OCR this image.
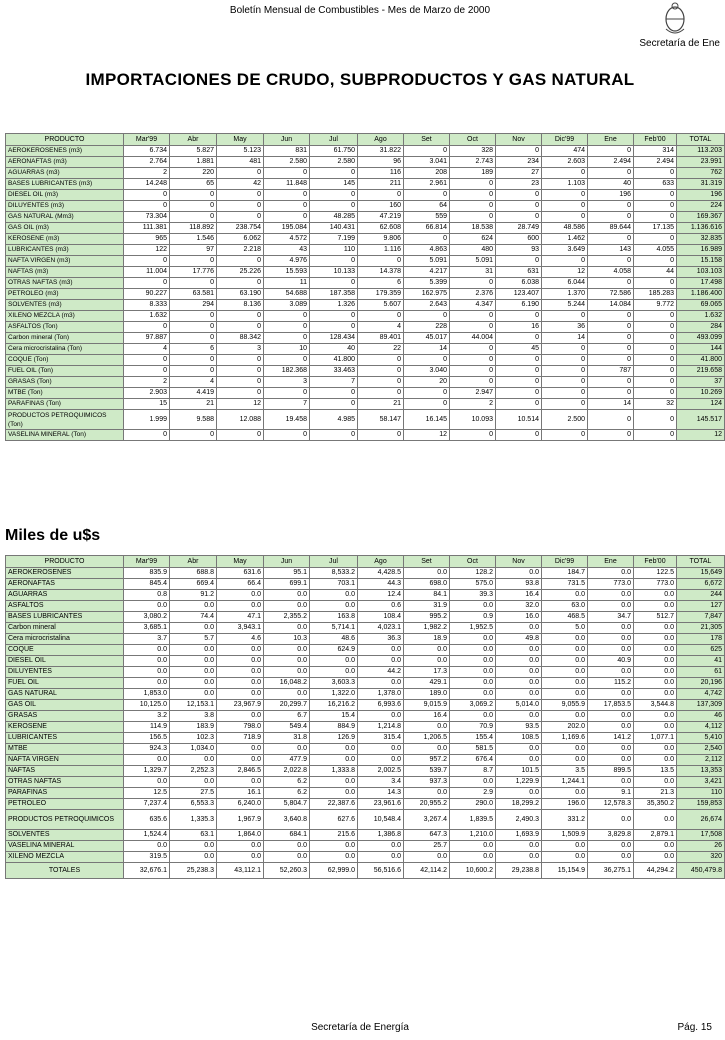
Boletín Mensual de Combustibles - Mes de Marzo de 2000
Secretaría de Ene
IMPORTACIONES DE CRUDO, SUBPRODUCTOS Y GAS NATURAL
PRODUCTO	Mar'99	Abr	May	Jun	Jul	Ago	Set	Oct	Nov	Dic'99	Ene	Feb'00	TOTAL
AEROKEROSENES (m3)	6.734	5.827	5.123	831	61.750	31.822	0	328	0	474	0	314	113.203
AERONAFTAS (m3)	2.764	1.881	481	2.580	2.580	96	3.041	2.743	234	2.603	2.494	2.494	23.991
AGUARRAS (m3)	2	220	0	0	0	116	208	189	27	0	0	0	762
BASES LUBRICANTES (m3)	14.248	65	42	11.848	145	211	2.961	0	23	1.103	40	633	31.319
DIESEL OIL (m3)	0	0	0	0	0	0	0	0	0	0	196	0	196
DILUYENTES (m3)	0	0	0	0	0	160	64	0	0	0	0	0	224
GAS NATURAL (Mm3)	73.304	0	0	0	48.285	47.219	559	0	0	0	0	0	169.367
GAS OIL (m3)	111.381	118.892	238.754	195.084	140.431	62.608	66.814	18.538	28.749	48.586	89.644	17.135	1.136.616
KEROSENE (m3)	965	1.546	6.062	4.572	7.199	9.806	0	624	600	1.462	0	0	32.835
LUBRICANTES (m3)	122	97	2.218	43	110	1.116	4.863	480	93	3.649	143	4.055	16.989
NAFTA VIRGEN (m3)	0	0	0	4.976	0	0	5.091	5.091	0	0	0	0	15.158
NAFTAS (m3)	11.004	17.776	25.226	15.593	10.133	14.378	4.217	31	631	12	4.058	44	103.103
OTRAS NAFTAS (m3)	0	0	0	11	0	6	5.399	0	6.038	6.044	0	0	17.498
PETROLEO (m3)	90.227	63.581	63.190	54.688	187.358	179.359	162.975	2.376	123.407	1.370	72.586	185.283	1.186.400
SOLVENTES (m3)	8.333	294	8.136	3.089	1.326	5.607	2.643	4.347	6.190	5.244	14.084	9.772	69.065
XILENO MEZCLA (m3)	1.632	0	0	0	0	0	0	0	0	0	0	0	1.632
ASFALTOS (Ton)	0	0	0	0	0	4	228	0	16	36	0	0	284
Carbon mineral (Ton)	97.887	0	88.342	0	128.434	89.401	45.017	44.004	0	14	0	0	493.099
Cera microcristalina (Ton)	4	6	3	10	40	22	14	0	45	0	0	0	144
COQUE (Ton)	0	0	0	0	41.800	0	0	0	0	0	0	0	41.800
FUEL OIL (Ton)	0	0	0	182.368	33.463	0	3.040	0	0	0	787	0	219.658
GRASAS (Ton)	2	4	0	3	7	0	20	0	0	0	0	0	37
MTBE (Ton)	2.903	4.419	0	0	0	0	0	2.947	0	0	0	0	10.269
PARAFINAS (Ton)	15	21	12	7	0	21	0	2	0	0	14	32	124
PRODUCTOS PETROQUIMICOS (Ton)	1.999	9.588	12.088	19.458	4.985	58.147	16.145	10.093	10.514	2.500	0	0	145.517
VASELINA MINERAL (Ton)	0	0	0	0	0	0	12	0	0	0	0	0	12
Miles de u$s
PRODUCTO	Mar'99	Abr	May	Jun	Jul	Ago	Set	Oct	Nov	Dic'99	Ene	Feb'00	TOTAL
AEROKEROSENES	835.9	688.8	631.6	95.1	8,533.2	4,428.5	0.0	128.2	0.0	184.7	0.0	122.5	15,649
AERONAFTAS	845.4	669.4	66.4	699.1	703.1	44.3	698.0	575.0	93.8	731.5	773.0	773.0	6,672
AGUARRAS	0.8	91.2	0.0	0.0	0.0	12.4	84.1	39.3	16.4	0.0	0.0	0.0	244
ASFALTOS	0.0	0.0	0.0	0.0	0.0	0.6	31.9	0.0	32.0	63.0	0.0	0.0	127
BASES LUBRICANTES	3,080.2	74.4	47.1	2,355.2	163.8	108.4	995.2	0.9	16.0	468.5	34.7	512.7	7,847
Carbon mineral	3,685.1	0.0	3,943.1	0.0	5,714.1	4,023.1	1,982.2	1,952.5	0.0	5.0	0.0	0.0	21,305
Cera microcristalina	3.7	5.7	4.6	10.3	48.6	36.3	18.9	0.0	49.8	0.0	0.0	0.0	178
COQUE	0.0	0.0	0.0	0.0	624.9	0.0	0.0	0.0	0.0	0.0	0.0	0.0	625
DIESEL OIL	0.0	0.0	0.0	0.0	0.0	0.0	0.0	0.0	0.0	0.0	40.9	0.0	41
DILUYENTES	0.0	0.0	0.0	0.0	0.0	44.2	17.3	0.0	0.0	0.0	0.0	0.0	61
FUEL OIL	0.0	0.0	0.0	16,048.2	3,603.3	0.0	429.1	0.0	0.0	0.0	115.2	0.0	20,196
GAS NATURAL	1,853.0	0.0	0.0	0.0	1,322.0	1,378.0	189.0	0.0	0.0	0.0	0.0	0.0	4,742
GAS OIL	10,125.0	12,153.1	23,967.9	20,299.7	16,216.2	6,993.6	9,015.9	3,069.2	5,014.0	9,055.9	17,853.5	3,544.8	137,309
GRASAS	3.2	3.8	0.0	6.7	15.4	0.0	16.4	0.0	0.0	0.0	0.0	0.0	46
KEROSENE	114.9	183.9	798.0	549.4	884.9	1,214.8	0.0	70.9	93.5	202.0	0.0	0.0	4,112
LUBRICANTES	156.5	102.3	718.9	31.8	126.9	315.4	1,206.5	155.4	108.5	1,169.6	141.2	1,077.1	5,410
MTBE	924.3	1,034.0	0.0	0.0	0.0	0.0	0.0	581.5	0.0	0.0	0.0	0.0	2,540
NAFTA VIRGEN	0.0	0.0	0.0	477.9	0.0	0.0	957.2	676.4	0.0	0.0	0.0	0.0	2,112
NAFTAS	1,329.7	2,252.3	2,846.5	2,022.8	1,333.8	2,002.5	539.7	8.7	101.5	3.5	899.5	13.5	13,353
OTRAS NAFTAS	0.0	0.0	0.0	6.2	0.0	3.4	937.3	0.0	1,229.9	1,244.1	0.0	0.0	3,421
PARAFINAS	12.5	27.5	16.1	6.2	0.0	14.3	0.0	2.9	0.0	0.0	9.1	21.3	110
PETROLEO	7,237.4	6,553.3	6,240.0	5,804.7	22,387.6	23,961.6	20,955.2	290.0	18,299.2	196.0	12,578.3	35,350.2	159,853
PRODUCTOS PETROQUIMICOS	635.6	1,335.3	1,967.9	3,640.8	627.6	10,548.4	3,267.4	1,839.5	2,490.3	331.2	0.0	0.0	26,674
SOLVENTES	1,524.4	63.1	1,864.0	684.1	215.6	1,386.8	647.3	1,210.0	1,693.9	1,509.9	3,829.8	2,879.1	17,508
VASELINA MINERAL	0.0	0.0	0.0	0.0	0.0	0.0	25.7	0.0	0.0	0.0	0.0	0.0	26
XILENO MEZCLA	319.5	0.0	0.0	0.0	0.0	0.0	0.0	0.0	0.0	0.0	0.0	0.0	320
TOTALES	32,676.1	25,238.3	43,112.1	52,260.3	62,999.0	56,516.6	42,114.2	10,600.2	29,238.8	15,154.9	36,275.1	44,294.2	450,479.8
Secretaría de Energía	Pág. 15
